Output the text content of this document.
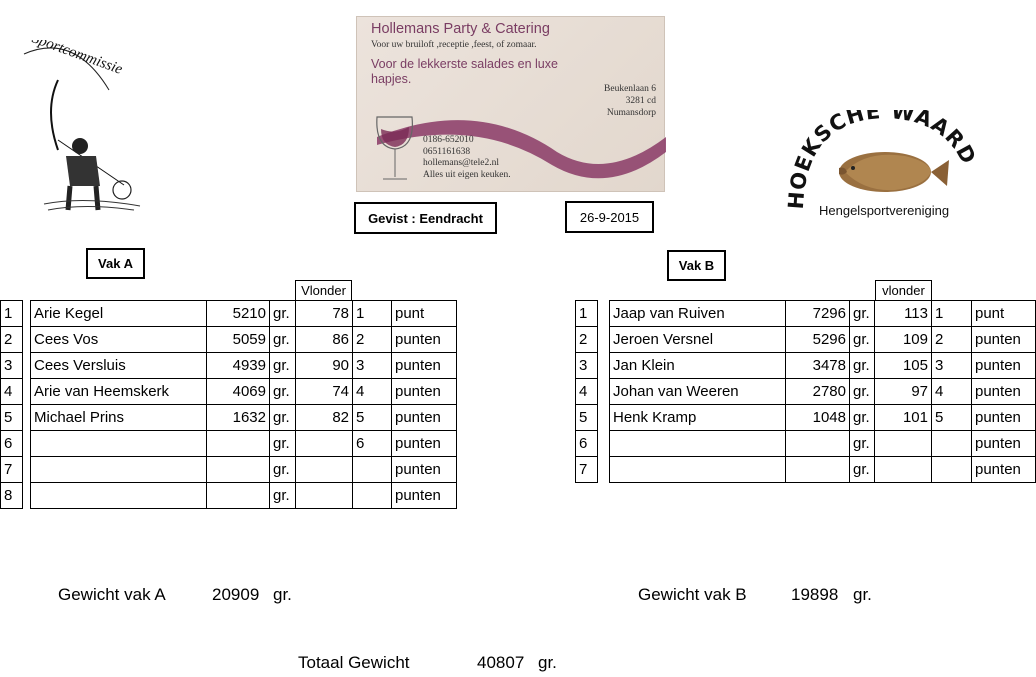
Sportcommissie
Hollemans Party & Catering
Voor uw bruiloft ,receptie ,feest, of zomaar.
Voor de lekkerste salades en luxe hapjes.
Beukenlaan 6
3281 cd
Numansdorp
0186-652010
0651161638
hollemans@tele2.nl
Alles uit eigen keuken.
Gevist : Eendracht	26-9-2015
Vak A	Vak B
HOEKSCHE WAARD
Hengelsportvereniging
Vlonder	vlonder
1		Arie Kegel	5210	gr.	78	1	punt
2		Cees Vos	5059	gr.	86	2	punten
3		Cees Versluis	4939	gr.	90	3	punten
4		Arie van Heemskerk	4069	gr.	74	4	punten
5		Michael Prins	1632	gr.	82	5	punten
6				gr.		6	punten
7				gr.			punten
8				gr.			punten
1		Jaap van Ruiven	7296	gr.	113	1	punt
2		Jeroen Versnel	5296	gr.	109	2	punten
3		Jan Klein	3478	gr.	105	3	punten
4		Johan van Weeren	2780	gr.	97	4	punten
5		Henk Kramp	1048	gr.	101	5	punten
6				gr.			punten
7				gr.			punten
Gewicht vak A	20909 gr.	Gewicht vak B	19898 gr.
Totaal Gewicht	40807 gr.
